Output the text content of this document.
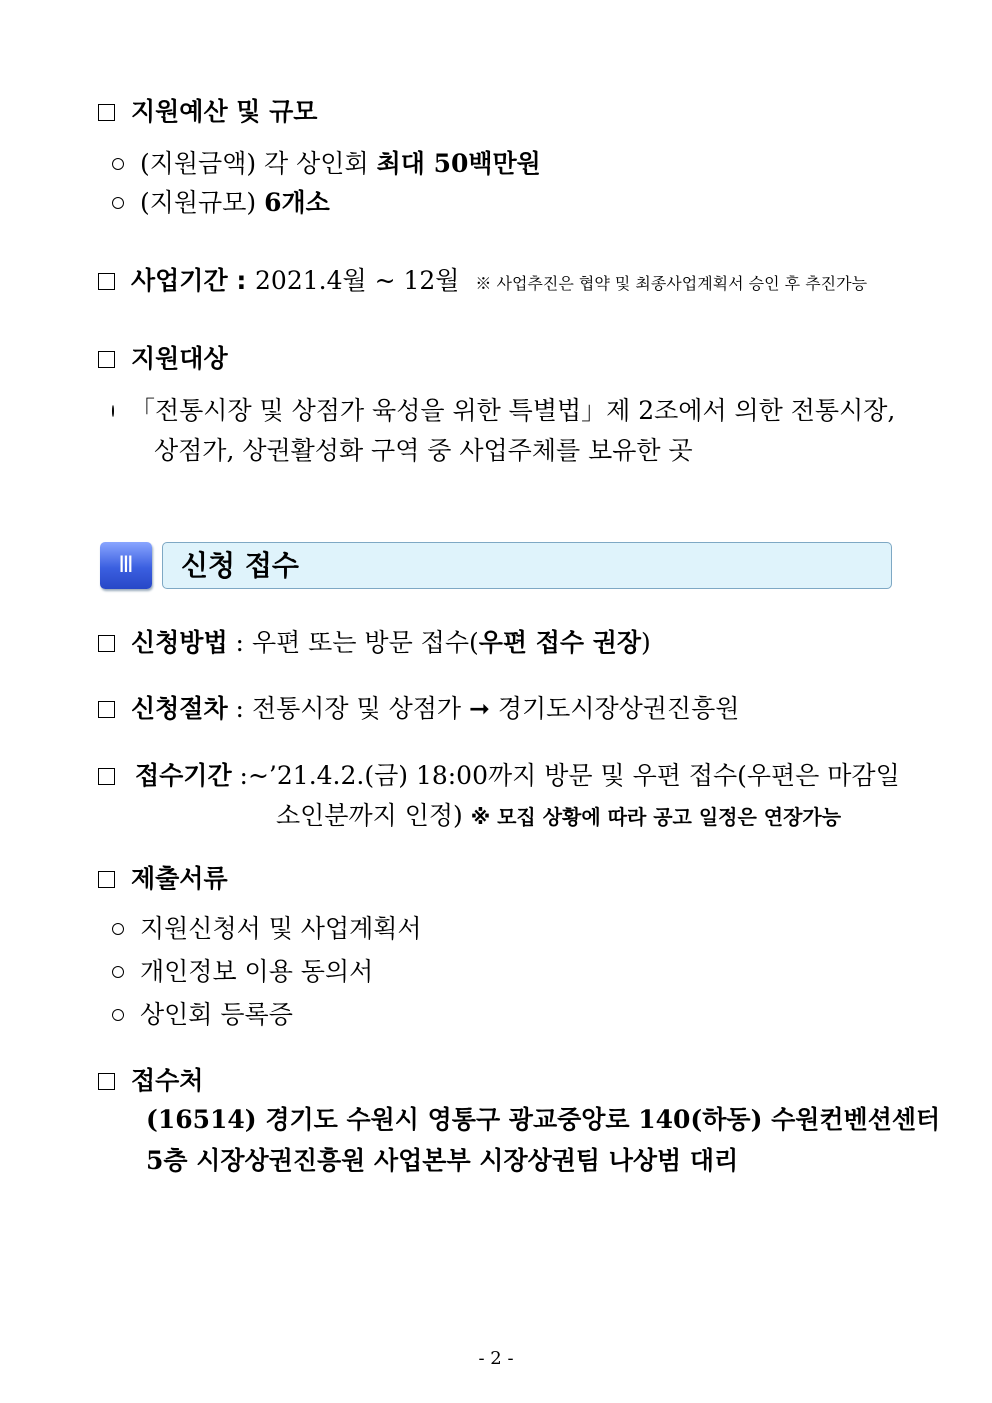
지원예산 및 규모
(지원금액) 각 상인회 최대 50백만원
(지원규모) 6개소
사업기간 : 2021.4월 ~ 12월 ※ 사업추진은 협약 및 최종사업계획서 승인 후 추진가능
지원대상
「전통시장 및 상점가 육성을 위한 특별법」제 2조에서 의한 전통시장,
상점가, 상권활성화 구역 중 사업주체를 보유한 곳
Ⅲ	신청 접수
신청방법 : 우편 또는 방문 접수(우편 접수 권장)
신청절차 : 전통시장 및 상점가 ➞ 경기도시장상권진흥원
접수기간 : ~’21.4.2.(금) 18:00까지 방문 및 우편 접수(우편은 마감일
소인분까지 인정) ※ 모집 상황에 따라 공고 일정은 연장가능
제출서류
지원신청서 및 사업계획서
개인정보 이용 동의서
상인회 등록증
접수처
(16514) 경기도 수원시 영통구 광교중앙로 140(하동) 수원컨벤션센터
5층 시장상권진흥원 사업본부 시장상권팀 나상범 대리
- 2 -
